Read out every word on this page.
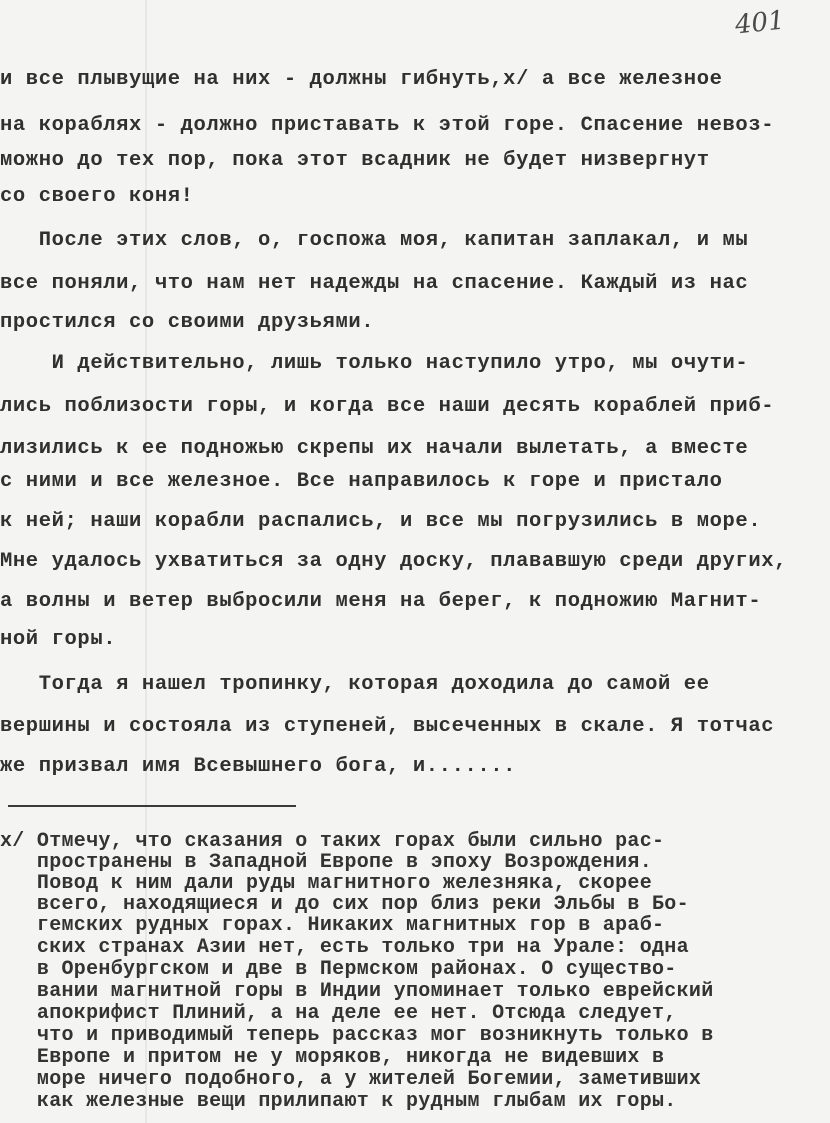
401
и все плывущие на них - должны гибнуть,x/ а все железное
на кораблях - должно приставать к этой горе. Спасение невоз-
можно до тех пор, пока этот всадник не будет низвергнут
со своего коня!
После этих слов, о, госпожа моя, капитан заплакал, и мы
все поняли, что нам нет надежды на спасение. Каждый из нас
простился со своими друзьями.
И действительно, лишь только наступило утро, мы очути-
лись поблизости горы, и когда все наши десять кораблей приб-
лизились к ее подножью скрепы их начали вылетать, а вместе
с ними и все железное. Все направилось к горе и пристало
к ней; наши корабли распались, и все мы погрузились в море.
Мне удалось ухватиться за одну доску, плававшую среди других,
а волны и ветер выбросили меня на берег, к подножию Магнит-
ной горы.
Тогда я нашел тропинку, которая доходила до самой ее
вершины и состояла из ступеней, высеченных в скале. Я тотчас
же призвал имя Всевышнего бога, и.......
x/ Отмечу, что сказания о таких горах были сильно рас-
пространены в Западной Европе в эпоху Возрождения.
Повод к ним дали руды магнитного железняка, скорее
всего, находящиеся и до сих пор близ реки Эльбы в Бо-
гемских рудных горах. Никаких магнитных гор в араб-
ских странах Азии нет, есть только три на Урале: одна
в Оренбургском и две в Пермском районах. О существо-
вании магнитной горы в Индии упоминает только еврейский
апокрифист Плиний, а на деле ее нет. Отсюда следует,
что и приводимый теперь рассказ мог возникнуть только в
Европе и притом не у моряков, никогда не видевших в
море ничего подобного, а у жителей Богемии, заметивших
как железные вещи прилипают к рудным глыбам их горы.
